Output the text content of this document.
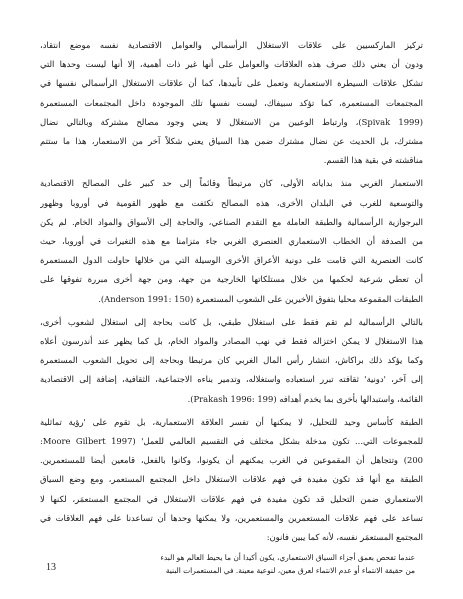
تركيز الماركسيين على علاقات الاستغلال الرأسمالي والعوامل الاقتصادية نفسه موضع انتقاد،
ودون أن يعني ذلك صرف هذه العلاقات والعوامل على أنها غير ذات أهمية، إلا أنها ليست وحدها التي
تشكل علاقات السيطرة الاستعمارية وتعمل على تأبيدها، كما أن علاقات الاستغلال الرأسمالي نفسها في
المجتمعات المستعمرة، كما تؤكد سبيفاك، ليست نفسها تلك الموجودة داخل المجتمعات المستعمرة
(Spivak 1999)، وارتباط الوعيين من الاستغلال لا يعني وجود مصالح مشتركة وبالتالي نضال
مشترك، بل الحديث عن نضال مشترك ضمن هذا السياق يعني شكلاً آخر من الاستعمار، هذا ما ستتم
مناقشته في بقية هذا القسم.

الاستعمار الغربي منذ بداياته الأولى، كان مرتبطاً وقائماً إلى حد كبير على المصالح الاقتصادية
والتوسعية للغرب في البلدان الأخرى، هذه المصالح تكثفت مع ظهور القومية في أوروبا وظهور
البرجوازية الرأسمالية والطبقة العاملة مع التقدم الصناعي، والحاجة إلى الأسواق والمواد الخام. لم يكن
من الصدفة أن الخطاب الاستعماري العنصري الغربي جاء متزامنا مع هذه التغيرات في أوروبا، حيث
كانت العنصرية التي قامت على دونية الأعراق الأخرى الوسيلة التي من خلالها حاولت الدول المستعمرة
أن تعطي شرعية لحكمها من خلال مستلكاتها الخارجية من جهة، ومن جهة أخرى مبررة تفوقها على
الطبقات المقموعة محليا بتفوق الأخيرين على الشعوب المستعمرة (Anderson 1991: 150).

بالتالي الرأسمالية لم تقم فقط على استغلال طبقي، بل كانت بحاجة إلى استغلال لشعوب أخرى،
هذا الاستغلال لا يمكن اختزاله فقط في نهب المصادر والمواد الخام، بل كما يظهر عند أندرسون أعلاه
وكما يؤكد ذلك براكاش، انتشار رأس المال الغربي كان مرتبطا وبحاجة إلى تحويل الشعوب المستعمرة
إلى آخر، 'دونية' ثقافته تبرر استعباده واستغلاله، وتدمير بناءه الاجتماعية، الثقافية، إضافة إلى الاقتصادية
القائمة، واستبدالها بأخرى بما يخدم أهدافه (Prakash 1996: 199).

الطبقة كأساس وحيد للتحليل، لا يمكنها أن تفسر العلاقة الاستعمارية، بل تقوم على 'رؤية تماثلية
للمجموعات التي... تكون مدخلة بشكل مختلف في التقسيم العالمي للعمل' (Moore Gilbert 1997:
200) وتتجاهل أن المقموعين في الغرب يمكنهم أن يكونوا، وكانوا بالفعل، قامعين أيضا للمستعمرين.
الطبقة مع أنها قد تكون مفيدة في فهم علاقات الاستغلال داخل المجتمع المستعمر، ومع وضع السياق
الاستعماري ضمن التحليل قد تكون مفيدة في فهم علاقات الاستغلال في المجتمع المستعمَر، لكنها لا
تساعد على فهم علاقات المستعمرين والمستعمرين، ولا يمكنها وحدها أن تساعدنا على فهم العلاقات في
المجتمع المستعمَر نفسه، لأنه كما يبين فانون:

عندما تفحص بعمق أجزاء السياق الاستعماري، يكون أكيدا أن ما يحيط العالم هو البدء
من حقيقة الانتماء أو عدم الانتماء لعرق معين، لنوعية معينة. في المستعمرات البنية
13
